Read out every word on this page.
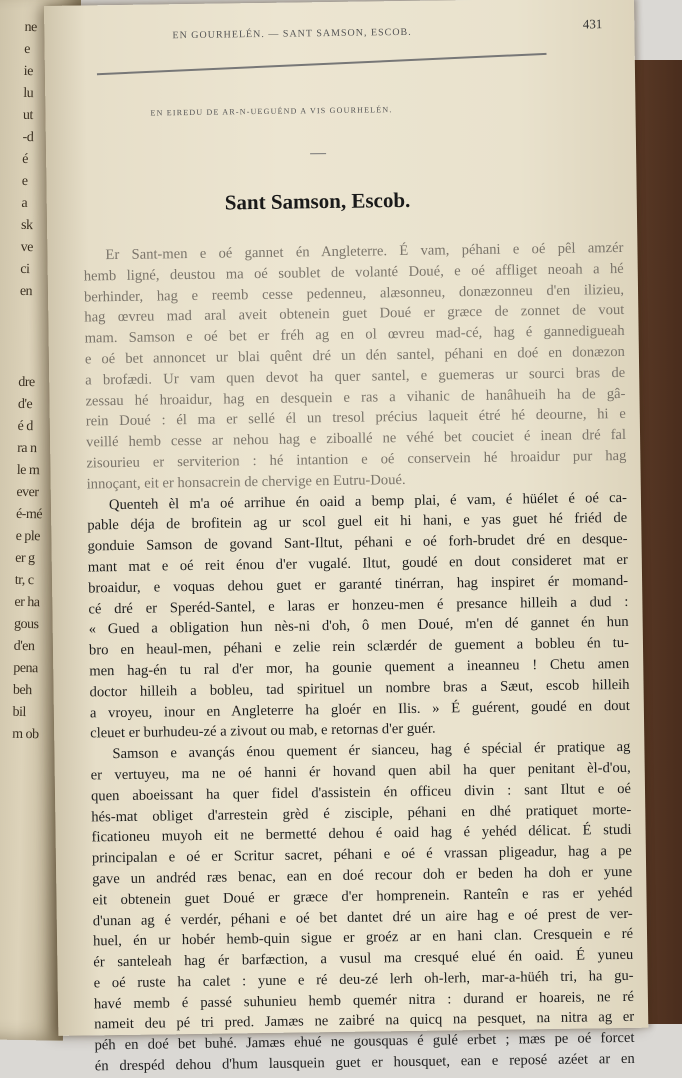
ne
e
ie
lu
ut
-d
é
e
a
sk
ve
ci
en
dre
d'e
é d
ra n
le m
ever
é-mé
e ple
er g
tr, c
er ha
gous
d'en
pena
beh
bil
m ob
EN GOURHELÉN. — SANT SAMSON, ESCOB.
431
EN EIREDU DE AR-N-UEGUÉND A VIS GOURHELÉN.
Sant Samson, Escob.
Er Sant-men e oé gannet én Angleterre. É vam, péhani e oé pêl amzér
hemb ligné, deustou ma oé soublet de volanté Doué, e oé affliget neoah a hé
berhinder, hag e reemb cesse pedenneu, alæsonneu, donæzonneu d'en ilizieu,
hag œvreu mad aral aveit obtenein guet Doué er græce de zonnet de vout
mam. Samson e oé bet er fréh ag en ol œvreu mad-cé, hag é gannedigueah
e oé bet annoncet ur blai quênt dré un dén santel, péhani en doé en donæzon
a brofædi. Ur vam quen devot ha quer santel, e guemeras ur sourci bras de
zessau hé hroaidur, hag en desquein e ras a vihanic de hanâhueih ha de gâ-
rein Doué : él ma er sellé él un tresol précius laqueit étré hé deourne, hi e
veillé hemb cesse ar nehou hag e ziboallé ne véhé bet couciet é inean dré fal
zisourieu er serviterion : hé intantion e oé conservein hé hroaidur pur hag
innoçant, eit er honsacrein de chervige en Eutru-Doué.
Quenteh èl m'a oé arrihue én oaid a bemp plai, é vam, é hüélet é oé ca-
pable déja de brofitein ag ur scol guel eit hi hani, e yas guet hé friéd de
gonduie Samson de govand Sant-Iltut, péhani e oé forh-brudet dré en desque-
mant mat e oé reit énou d'er vugalé. Iltut, goudé en dout consideret mat er
broaidur, e voquas dehou guet er garanté tinérran, hag inspiret ér momand-
cé dré er Speréd-Santel, e laras er honzeu-men é presance hilleih a dud :
« Gued a obligation hun nès-ni d'oh, ô men Doué, m'en dé gannet én hun
bro en heaul-men, péhani e zelie rein sclærdér de guement a bobleu én tu-
men hag-én tu ral d'er mor, ha gounie quement a ineanneu ! Chetu amen
doctor hilleih a bobleu, tad spirituel un nombre bras a Sæut, escob hilleih
a vroyeu, inour en Angleterre ha gloér en Ilis. » É guérent, goudé en dout
cleuet er burhudeu-zé a zivout ou mab, e retornas d'er guér.
Samson e avançás énou quement ér sianceu, hag é spécial ér pratique ag
er vertuyeu, ma ne oé hanni ér hovand quen abil ha quer penitant èl-d'ou,
quen aboeissant ha quer fidel d'assistein én officeu divin : sant Iltut e oé
hés-mat obliget d'arrestein grèd é zisciple, péhani en dhé pratiquet morte-
ficationeu muyoh eit ne bermetté dehou é oaid hag é yehéd délicat. É studi
principalan e oé er Scritur sacret, péhani e oé é vrassan pligeadur, hag a pe
gave un andréd ræs benac, ean en doé recour doh er beden ha doh er yune
eit obtenein guet Doué er græce d'er homprenein. Ranteîn e ras er yehéd
d'unan ag é verdér, péhani e oé bet dantet dré un aire hag e oé prest de ver-
huel, én ur hobér hemb-quin sigue er groéz ar en hani clan. Cresquein e ré
ér santeleah hag ér barfæction, a vusul ma cresqué elué én oaid. É yuneu
e oé ruste ha calet : yune e ré deu-zé lerh oh-lerh, mar-a-hüéh tri, ha gu-
havé memb é passé suhunieu hemb quemér nitra : durand er hoareis, ne ré
nameit deu pé tri pred. Jamæs ne zaibré na quicq na pesquet, na nitra ag er
péh en doé bet buhé. Jamæs ehué ne gousquas é gulé erbet ; mæs pe oé forcet
én drespéd dehou d'hum lausquein guet er housquet, ean e reposé azéet ar en
